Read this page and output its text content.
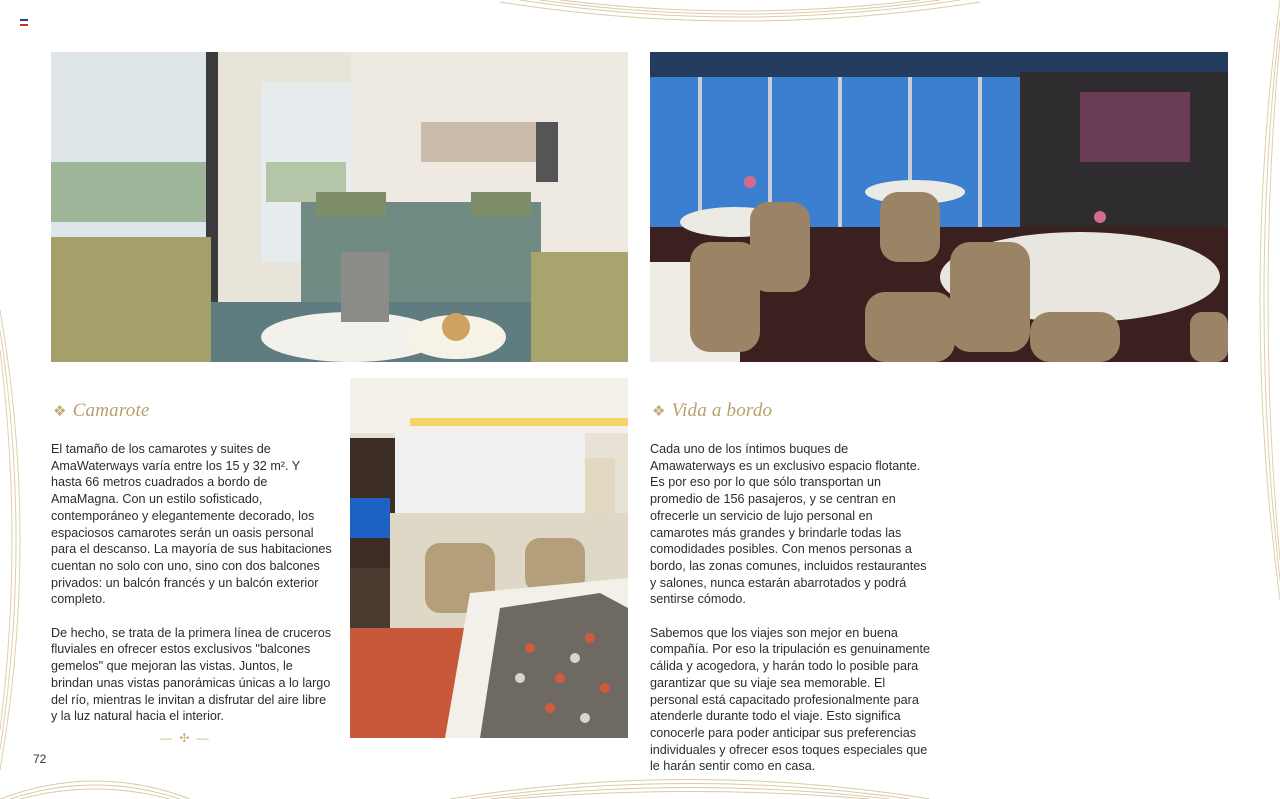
❖ Camarote

El tamaño de los camarotes y suites de AmaWaterways varía entre los 15 y 32 m². Y hasta 66 metros cuadrados a bordo de AmaMagna. Con un estilo sofisticado, contemporáneo y elegantemente decorado, los espaciosos camarotes serán un oasis personal para el descanso. La mayoría de sus habitaciones cuentan no solo con uno, sino con dos balcones privados: un balcón francés y un balcón exterior completo.

De hecho, se trata de la primera línea de cruceros fluviales en ofrecer estos exclusivos "balcones gemelos" que mejoran las vistas. Juntos, le brindan unas vistas panorámicas únicas a lo largo del río, mientras le invitan a disfrutar del aire libre y la luz natural hacia el interior.

— ✣ —
❖ Vida a bordo

Cada uno de los íntimos buques de Amawaterways es un exclusivo espacio flotante. Es por eso por lo que sólo transportan un promedio de 156 pasajeros, y se centran en ofrecerle un servicio de lujo personal en camarotes más grandes y brindarle todas las comodidades posibles. Con menos personas a bordo, las zonas comunes, incluidos restaurantes y salones, nunca estarán abarrotados y podrá sentirse cómodo.

Sabemos que los viajes son mejor en buena compañía. Por eso la tripulación es genuinamente cálida y acogedora, y harán todo lo posible para garantizar que su viaje sea memorable. El personal está capacitado profesionalmente para atenderle durante todo el viaje. Esto significa conocerle para poder anticipar sus preferencias individuales y ofrecer esos toques especiales que le harán sentir como en casa.

72
